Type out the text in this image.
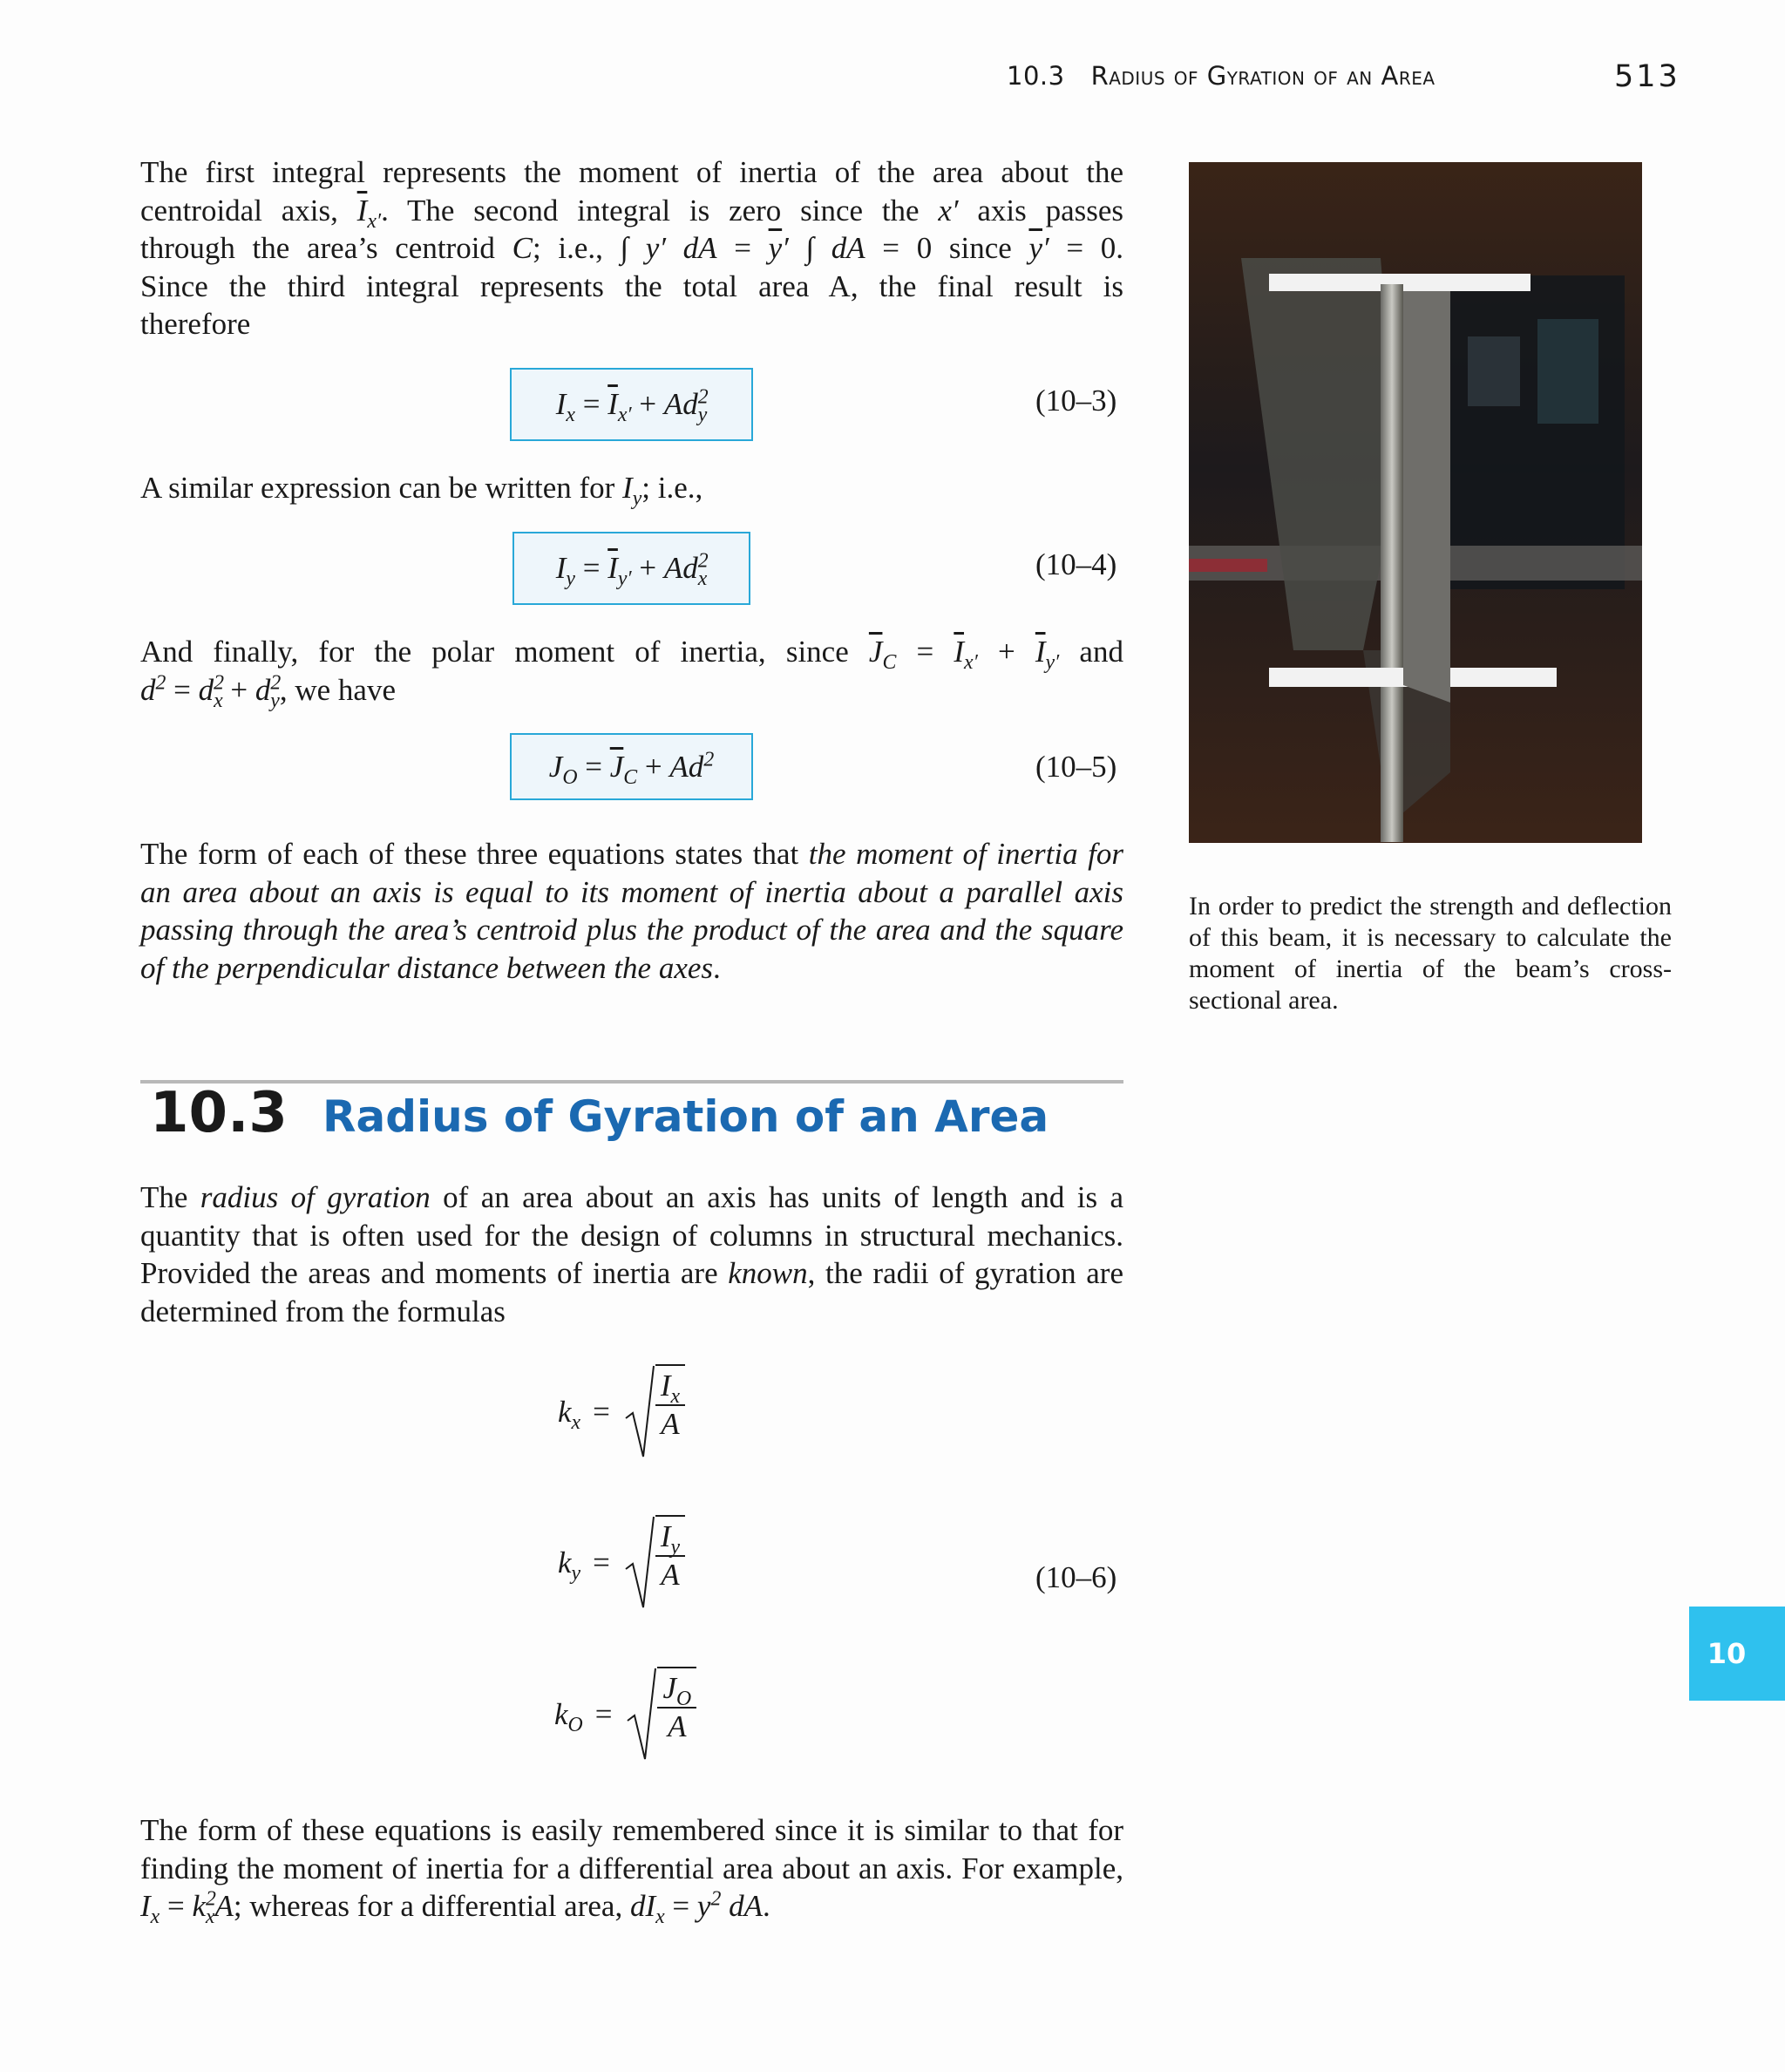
10.3 Radius of Gyration of an Area	513
The first integral represents the moment of inertia of the area about the
centroidal axis, $\overline{I}_{x'}$. The second integral is zero since the x′ axis passes
through the area’s centroid C; i.e., ∫ y′ dA = $\overline{y}'$ ∫ dA = 0 since $\overline{y}' = 0$.
Since the third integral represents the total area A, the final result is
therefore
$I_x$
=
$\overline{I}_{x'}$
+
$Ad^2_y$	(10–3)
A similar expression can be written for $I_y$; i.e.,
$I_y$
=
$\overline{I}_{y'}$
+
$Ad^2_x$	(10–4)
And finally, for the polar moment of inertia, since $\overline{J}_C = \overline{I}_{x'} + \overline{I}_{y'}$ and
$d^2 = d^2_x + d^2_y$, we have
$J_O$
=
$\overline{J}_C$
+
Ad$^2$	(10–5)
The form of each of these three equations states that the moment of inertia for an area about an axis is equal to its moment of inertia about a parallel axis passing through the area’s centroid plus the product of the area and the square of the perpendicular distance between the axes.
In order to predict the strength and deflection of this beam, it is necessary to calculate the moment of inertia of the beam’s cross-sectional area.
10.3 Radius of Gyration of an Area
The radius of gyration of an area about an axis has units of length and is a quantity that is often used for the design of columns in structural mechanics. Provided the areas and moments of inertia are known, the radii of gyration are determined from the formulas
$k_x = \frac{I_x}{A}$
$k_y = \frac{I_y}{A}$	(10–6)
$k_O = \frac{J_O}{A}$
The form of these equations is easily remembered since it is similar to that for finding the moment of inertia for a differential area about an axis. For example, $I_x = k^2_xA$; whereas for a differential area, $dI_x = y^2$ dA.
10
